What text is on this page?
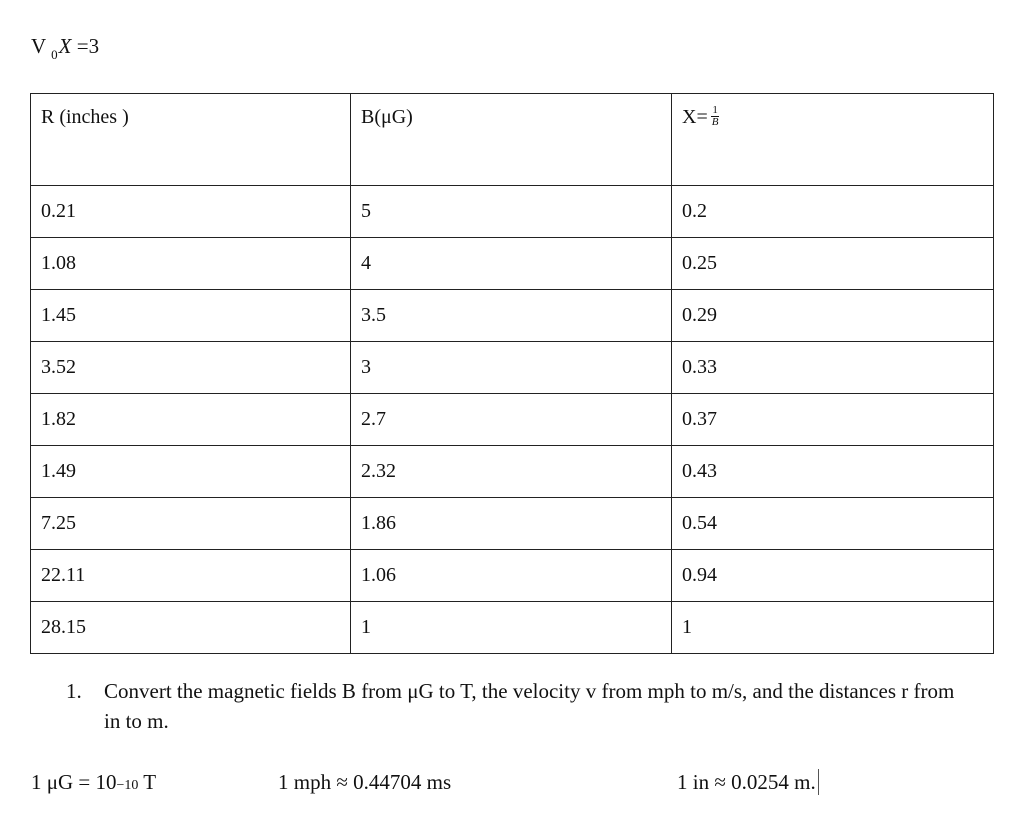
V $_0$X =3
R (inches )	B(μG)	$X= \frac{1}{B}$

0.21	5	0.2
1.08	4	0.25
1.45	3.5	0.29
3.52	3	0.33
1.82	2.7	0.37
1.49	2.32	0.43
7.25	1.86	0.54
22.11	1.06	0.94
28.15	1	1
1. Convert the magnetic fields B from μG to T, the velocity v from mph to m/s, and the distances r from in to m.
1 μG = 10−10 T	1 mph ≈ 0.44704 ms	1 in ≈ 0.0254 m.
